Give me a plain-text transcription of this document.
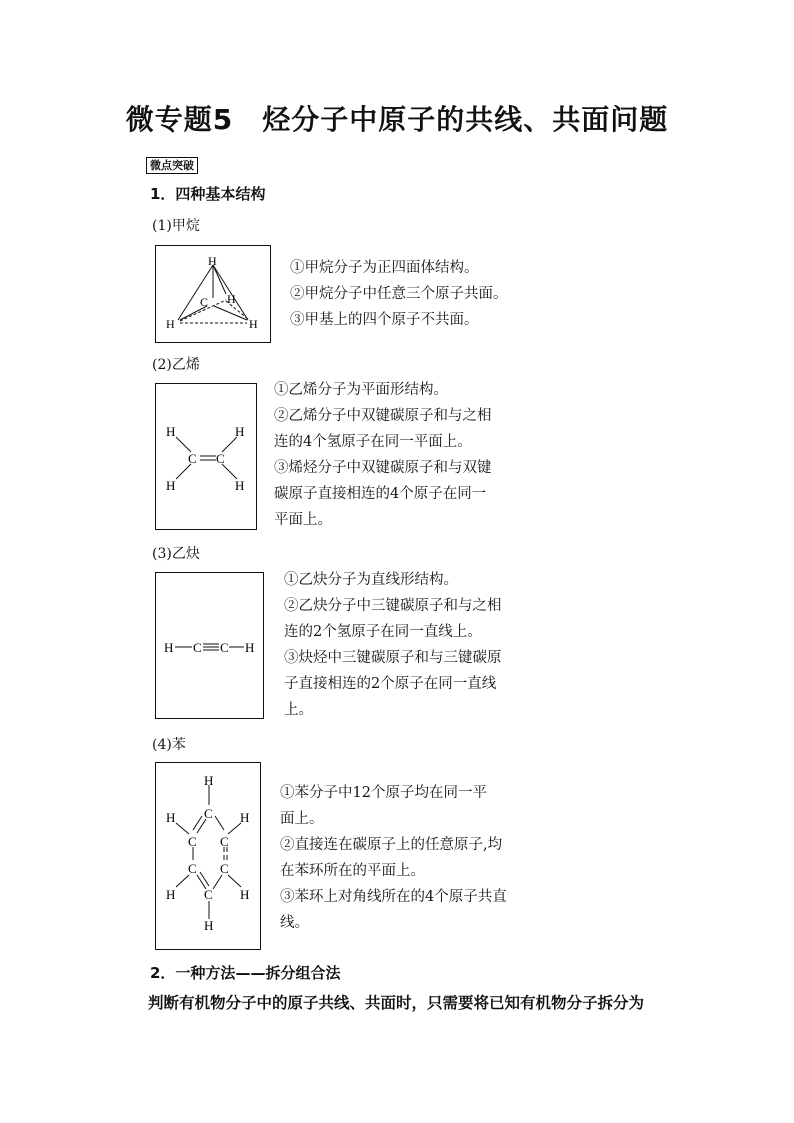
微专题5　烃分子中原子的共线、共面问题
微点突破
1．四种基本结构
(1)甲烷
H
C H
H	H
①甲烷分子为正四面体结构。
②甲烷分子中任意三个原子共面。
③甲基上的四个原子不共面。
(2)乙烯
H	H
C C
H	H
①乙烯分子为平面形结构。
②乙烯分子中双键碳原子和与之相
连的4个氢原子在同一平面上。
③烯烃分子中双键碳原子和与双键
碳原子直接相连的4个原子在同一
平面上。
(3)乙炔
H C C H
①乙炔分子为直线形结构。
②乙炔分子中三键碳原子和与之相
连的2个氢原子在同一直线上。
③炔烃中三键碳原子和与三键碳原
子直接相连的2个原子在同一直线
上。
(4)苯
H
H C H
C C
C C
H C H
H
①苯分子中12个原子均在同一平
面上。
②直接连在碳原子上的任意原子,均
在苯环所在的平面上。
③苯环上对角线所在的4个原子共直
线。
2．一种方法——拆分组合法
判断有机物分子中的原子共线、共面时，只需要将已知有机物分子拆分为
